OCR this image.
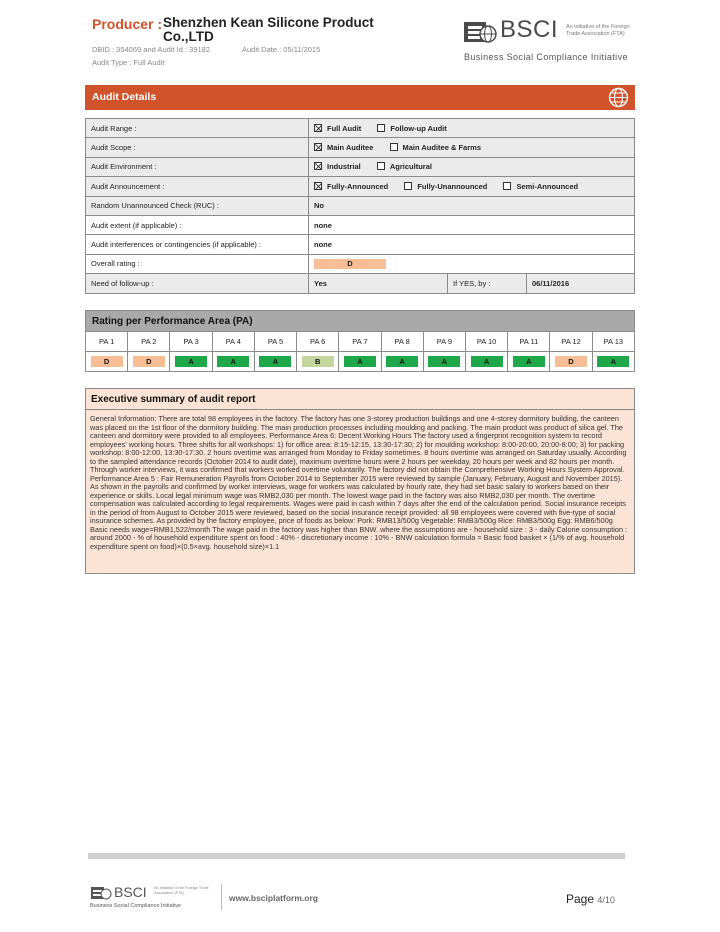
Producer : Shenzhen Kean Silicone Product Co.,LTD
DBID : 354069 and Audit Id : 39182	Audit Date : 05/11/2015
Audit Type : Full Audit
BSCI An initiative of the Foreign Trade Association (FTA)
Business Social Compliance Initiative
Audit Details
Audit Range :	Full Audit Follow-up Audit		
Audit Scope :	Main Auditee Main Auditee & Farms		
Audit Environment :	Industrial Agricultural		
Audit Announcement :	Fully-Announced Fully-Unannounced Semi-Announced		
Random Unannounced Check (RUC) :	No		
Audit extent (if applicable) :	none		
Audit interferences or contingencies (if applicable) :	none		
Overall rating :	D		
Need of follow-up :	Yes	If YES, by :	06/11/2016
Rating per Performance Area (PA)
PA 1	PA 2	PA 3	PA 4	PA 5	PA 6	PA 7	PA 8	PA 9	PA 10	PA 11	PA 12	PA 13
D	D	A	A	A	B	A	A	A	A	A	D	A
Executive summary of audit report
General Information: There are total 98 employees in the factory. The factory has one 3-storey production buildings and one 4-storey dormitory building, the canteen was placed on the 1st floor of the dormitory building. The main production processes including moulding and packing. The main product was product of silica gel. The canteen and dormitory were provided to all employees. Performance Area 6: Decent Working Hours The factory used a fingerprint recognition system to record employees' working hours. Three shifts for all workshops: 1) for office area: 8:15-12:15, 13:30-17:30; 2) for moulding workshop: 8:00-20:00, 20:00-8:00; 3) for packing workshop: 8:00-12:00, 13:30-17:30. 2 hours overtime was arranged from Monday to Friday sometimes. 8 hours overtime was arranged on Saturday usually. According to the sampled attendance records (October 2014 to audit date), maximum overtime hours were 2 hours per weekday, 20 hours per week and 82 hours per month. Through worker interviews, it was confirmed that workers worked overtime voluntarily. The factory did not obtain the Comprehensive Working Hours System Approval. Performance Area 5 : Fair Remuneration Payrolls from October 2014 to September 2015 were reviewed by sample (January, February, August and November 2015). As shown in the payrolls and confirmed by worker interviews, wage for workers was calculated by hourly rate, they had set basic salary to workers based on their experience or skills. Local legal minimum wage was RMB2,030 per month. The lowest wage paid in the factory was also RMB2,030 per month. The overtime compensation was calculated according to legal requirements. Wages were paid in cash within 7 days after the end of the calculation period. Social insurance receipts in the period of from August to October 2015 were reviewed, based on the social insurance receipt provided: all 98 employees were covered with five-type of social insurance schemes. As provided by the factory employee, price of foods as below: Pork: RMB13/500g Vegetable: RMB3/500g Rice: RMB3/500g Egg: RMB6/500g Basic needs wage=RMB1,522/month The wage paid in the factory was higher than BNW. where the assumptions are - household size : 3 - daily Calorie consumption : around 2000 - % of household expenditure spent on food : 40% - discretionary income : 10% - BNW calculation formula = Basic food basket × (1/% of avg. household expenditure spent on food)×(0.5×avg. household size)×1.1
BSCI An initiative of the Foreign Trade Association (FTA)
Business Social Compliance Initiative
www.bsciplatform.org	Page 4/10
